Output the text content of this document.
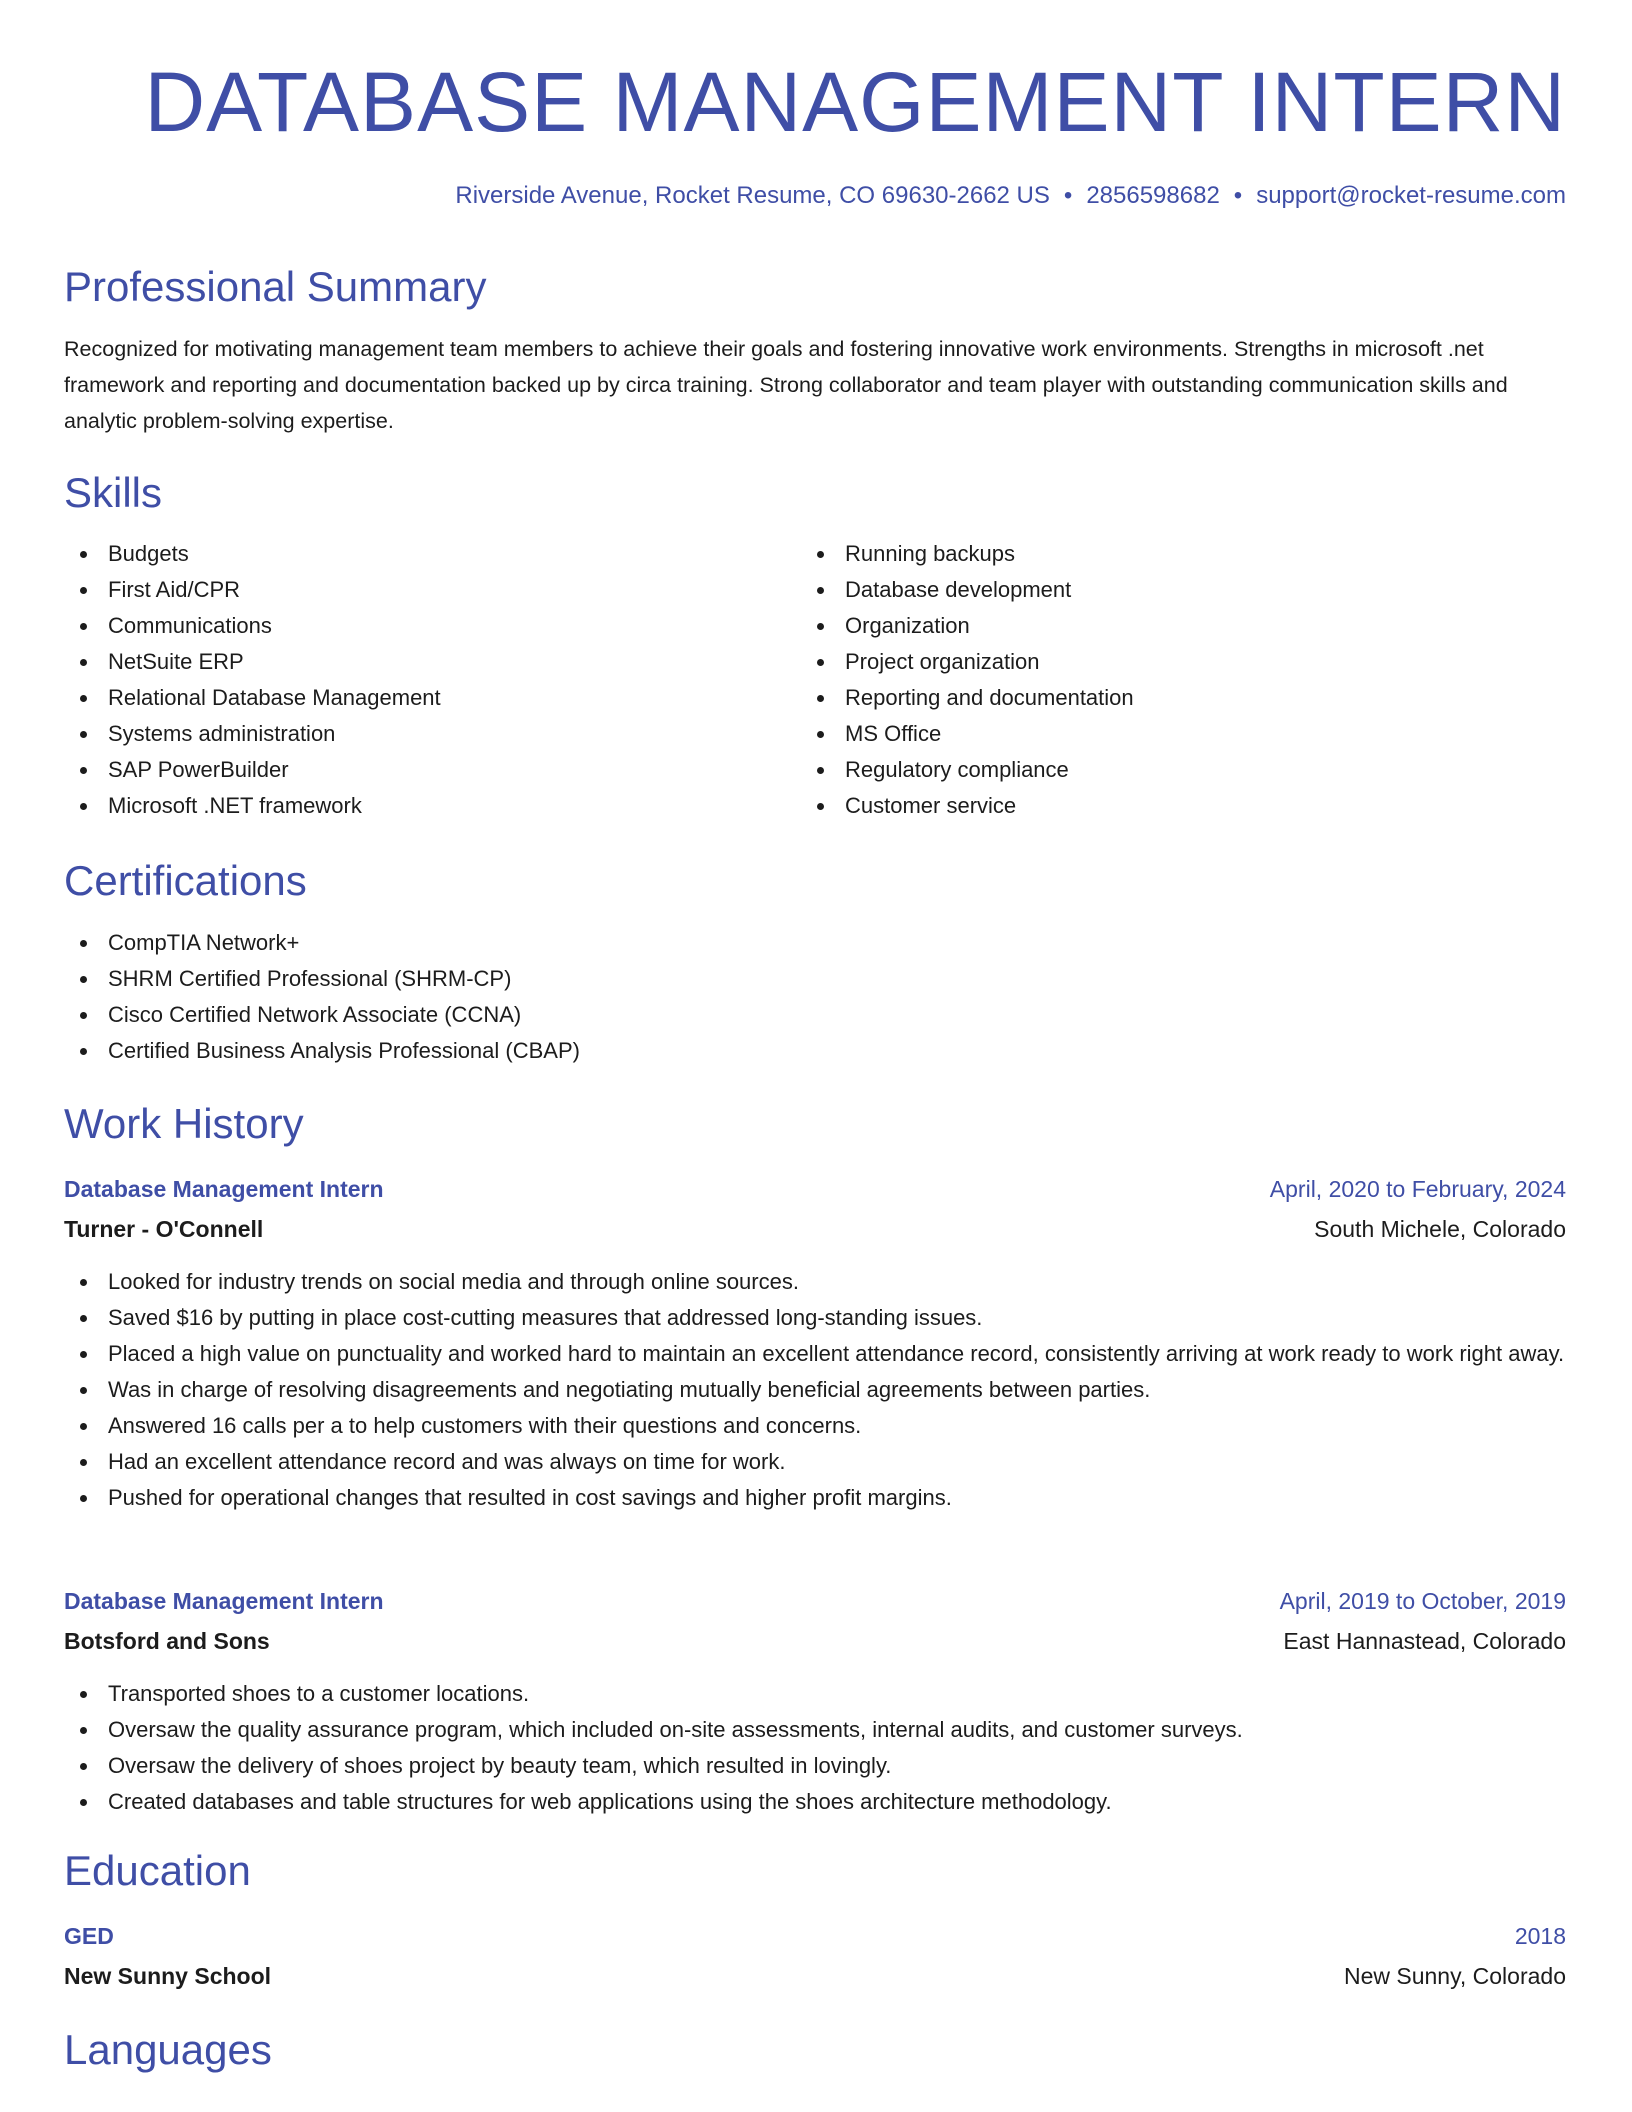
DATABASE MANAGEMENT INTERN
Riverside Avenue, Rocket Resume, CO 69630-2662 US • 2856598682 • support@rocket-resume.com
Professional Summary

Recognized for motivating management team members to achieve their goals and fostering innovative work environments. Strengths in microsoft .net framework and reporting and documentation backed up by circa training. Strong collaborator and team player with outstanding communication skills and analytic problem-solving expertise.

Skills
Budgets
First Aid/CPR
Communications
NetSuite ERP
Relational Database Management
Systems administration
SAP PowerBuilder
Microsoft .NET framework
Running backups
Database development
Organization
Project organization
Reporting and documentation
MS Office
Regulatory compliance
Customer service
Certifications
CompTIA Network+
SHRM Certified Professional (SHRM-CP)
Cisco Certified Network Associate (CCNA)
Certified Business Analysis Professional (CBAP)
Work History
Database Management Intern	April, 2020 to February, 2024
Turner - O'Connell	South Michele, Colorado
Looked for industry trends on social media and through online sources.
Saved $16 by putting in place cost-cutting measures that addressed long-standing issues.
Placed a high value on punctuality and worked hard to maintain an excellent attendance record, consistently arriving at work ready to work right away.
Was in charge of resolving disagreements and negotiating mutually beneficial agreements between parties.
Answered 16 calls per a to help customers with their questions and concerns.
Had an excellent attendance record and was always on time for work.
Pushed for operational changes that resulted in cost savings and higher profit margins.
Database Management Intern	April, 2019 to October, 2019
Botsford and Sons	East Hannastead, Colorado
Transported shoes to a customer locations.
Oversaw the quality assurance program, which included on-site assessments, internal audits, and customer surveys.
Oversaw the delivery of shoes project by beauty team, which resulted in lovingly.
Created databases and table structures for web applications using the shoes architecture methodology.
Education
GED	2018
New Sunny School	New Sunny, Colorado
Languages
